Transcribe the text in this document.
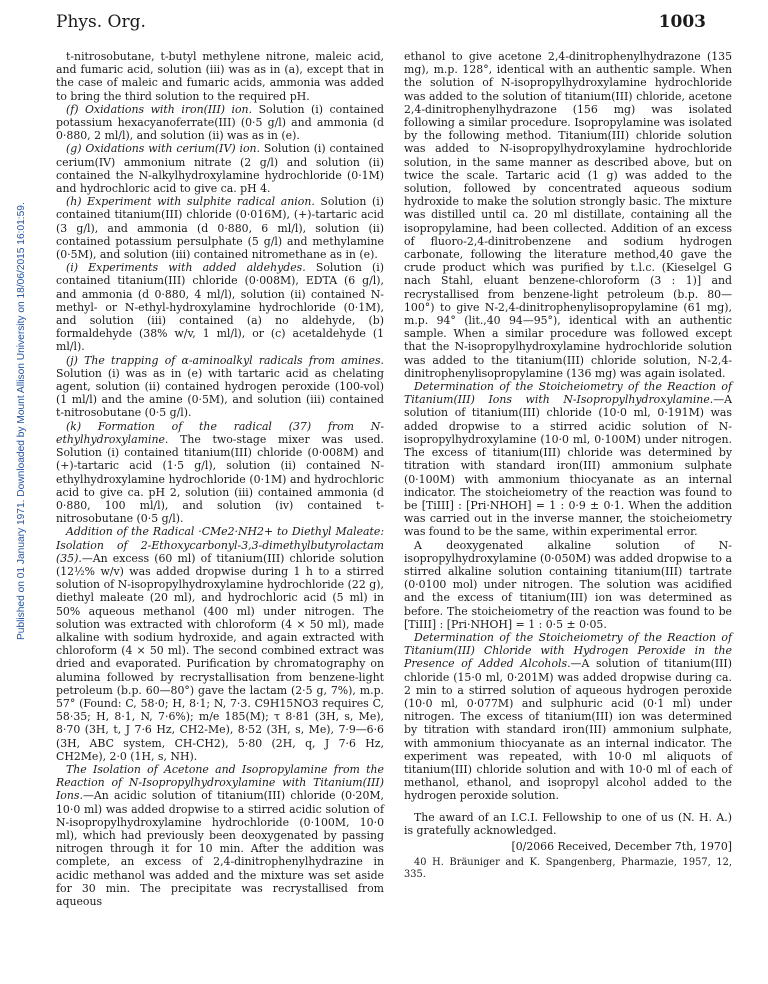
Phys. Org.	1003
Published on 01 January 1971. Downloaded by Mount Allison University on 18/06/2015 16:01:59.

t-nitrosobutane, t-butyl methylene nitrone, maleic acid, and fumaric acid, solution (iii) was as in (a), except that in the case of maleic and fumaric acids, ammonia was added to bring the third solution to the required pH.

(f) Oxidations with iron(III) ion. Solution (i) contained potassium hexacyanoferrate(III) (0·5 g/l) and ammonia (d 0·880, 2 ml/l), and solution (ii) was as in (e).

(g) Oxidations with cerium(IV) ion. Solution (i) contained cerium(IV) ammonium nitrate (2 g/l) and solution (ii) contained the N-alkylhydroxylamine hydrochloride (0·1M) and hydrochloric acid to give ca. pH 4.

(h) Experiment with sulphite radical anion. Solution (i) contained titanium(III) chloride (0·016M), (+)-tartaric acid (3 g/l), and ammonia (d 0·880, 6 ml/l), solution (ii) contained potassium persulphate (5 g/l) and methylamine (0·5M), and solution (iii) contained nitromethane as in (e).

(i) Experiments with added aldehydes. Solution (i) contained titanium(III) chloride (0·008M), EDTA (6 g/l), and ammonia (d 0·880, 4 ml/l), solution (ii) contained N-methyl- or N-ethyl-hydroxylamine hydrochloride (0·1M), and solution (iii) contained (a) no aldehyde, (b) formaldehyde (38% w/v, 1 ml/l), or (c) acetaldehyde (1 ml/l).

(j) The trapping of α-aminoalkyl radicals from amines. Solution (i) was as in (e) with tartaric acid as chelating agent, solution (ii) contained hydrogen peroxide (100-vol) (1 ml/l) and the amine (0·5M), and solution (iii) contained t-nitrosobutane (0·5 g/l).

(k) Formation of the radical (37) from N-ethylhydroxylamine. The two-stage mixer was used. Solution (i) contained titanium(III) chloride (0·008M) and (+)-tartaric acid (1·5 g/l), solution (ii) contained N-ethylhydroxylamine hydrochloride (0·1M) and hydrochloric acid to give ca. pH 2, solution (iii) contained ammonia (d 0·880, 100 ml/l), and solution (iv) contained t-nitrosobutane (0·5 g/l).

Addition of the Radical ·CMe2·NH2+ to Diethyl Maleate: Isolation of 2-Ethoxycarbonyl-3,3-dimethylbutyrolactam (35).—An excess (60 ml) of titanium(III) chloride solution (12½% w/v) was added dropwise during 1 h to a stirred solution of N-isopropylhydroxylamine hydrochloride (22 g), diethyl maleate (20 ml), and hydrochloric acid (5 ml) in 50% aqueous methanol (400 ml) under nitrogen. The solution was extracted with chloroform (4 × 50 ml), made alkaline with sodium hydroxide, and again extracted with chloroform (4 × 50 ml). The second combined extract was dried and evaporated. Purification by chromatography on alumina followed by recrystallisation from benzene-light petroleum (b.p. 60—80°) gave the lactam (2·5 g, 7%), m.p. 57° (Found: C, 58·0; H, 8·1; N, 7·3. C9H15NO3 requires C, 58·35; H, 8·1, N, 7·6%); m/e 185(M); τ 8·81 (3H, s, Me), 8·70 (3H, t, J 7·6 Hz, CH2-Me), 8·52 (3H, s, Me), 7·9—6·6 (3H, ABC system, CH-CH2), 5·80 (2H, q, J 7·6 Hz, CH2Me), 2·0 (1H, s, NH).

The Isolation of Acetone and Isopropylamine from the Reaction of N-Isopropylhydroxylamine with Titanium(III) Ions.—An acidic solution of titanium(III) chloride (0·20M, 10·0 ml) was added dropwise to a stirred acidic solution of N-isopropylhydroxylamine hydrochloride (0·100M, 10·0 ml), which had previously been deoxygenated by passing nitrogen through it for 10 min. After the addition was complete, an excess of 2,4-dinitrophenylhydrazine in acidic methanol was added and the mixture was set aside for 30 min. The precipitate was recrystallised from aqueous

ethanol to give acetone 2,4-dinitrophenylhydrazone (135 mg), m.p. 128°, identical with an authentic sample. When the solution of N-isopropylhydroxylamine hydrochloride was added to the solution of titanium(III) chloride, acetone 2,4-dinitrophenylhydrazone (156 mg) was isolated following a similar procedure. Isopropylamine was isolated by the following method. Titanium(III) chloride solution was added to N-isopropylhydroxylamine hydrochloride solution, in the same manner as described above, but on twice the scale. Tartaric acid (1 g) was added to the solution, followed by concentrated aqueous sodium hydroxide to make the solution strongly basic. The mixture was distilled until ca. 20 ml distillate, containing all the isopropylamine, had been collected. Addition of an excess of fluoro-2,4-dinitrobenzene and sodium hydrogen carbonate, following the literature method,40 gave the crude product which was purified by t.l.c. (Kieselgel G nach Stahl, eluant benzene-chloroform (3 : 1)] and recrystallised from benzene-light petroleum (b.p. 80—100°) to give N-2,4-dinitrophenylisopropylamine (61 mg), m.p. 94° (lit.,40 94—95°), identical with an authentic sample. When a similar procedure was followed except that the N-isopropylhydroxylamine hydrochloride solution was added to the titanium(III) chloride solution, N-2,4-dinitrophenylisopropylamine (136 mg) was again isolated.

Determination of the Stoicheiometry of the Reaction of Titanium(III) Ions with N-Isopropylhydroxylamine.—A solution of titanium(III) chloride (10·0 ml, 0·191M) was added dropwise to a stirred acidic solution of N-isopropylhydroxylamine (10·0 ml, 0·100M) under nitrogen. The excess of titanium(III) chloride was determined by titration with standard iron(III) ammonium sulphate (0·100M) with ammonium thiocyanate as an internal indicator. The stoicheiometry of the reaction was found to be [TiIII] : [Pri·NHOH] = 1 : 0·9 ± 0·1. When the addition was carried out in the inverse manner, the stoicheiometry was found to be the same, within experimental error.

A deoxygenated alkaline solution of N-isopropylhydroxylamine (0·050M) was added dropwise to a stirred alkaline solution containing titanium(III) tartrate (0·0100 mol) under nitrogen. The solution was acidified and the excess of titanium(III) ion was determined as before. The stoicheiometry of the reaction was found to be [TiIII] : [Pri·NHOH] = 1 : 0·5 ± 0·05.

Determination of the Stoicheiometry of the Reaction of Titanium(III) Chloride with Hydrogen Peroxide in the Presence of Added Alcohols.—A solution of titanium(III) chloride (15·0 ml, 0·201M) was added dropwise during ca. 2 min to a stirred solution of aqueous hydrogen peroxide (10·0 ml, 0·077M) and sulphuric acid (0·1 ml) under nitrogen. The excess of titanium(III) ion was determined by titration with standard iron(III) ammonium sulphate, with ammonium thiocyanate as an internal indicator. The experiment was repeated, with 10·0 ml aliquots of titanium(III) chloride solution and with 10·0 ml of each of methanol, ethanol, and isopropyl alcohol added to the hydrogen peroxide solution.

The award of an I.C.I. Fellowship to one of us (N. H. A.) is gratefully acknowledged.

[0/2066 Received, December 7th, 1970]

40 H. Bräuniger and K. Spangenberg, Pharmazie, 1957, 12, 335.
